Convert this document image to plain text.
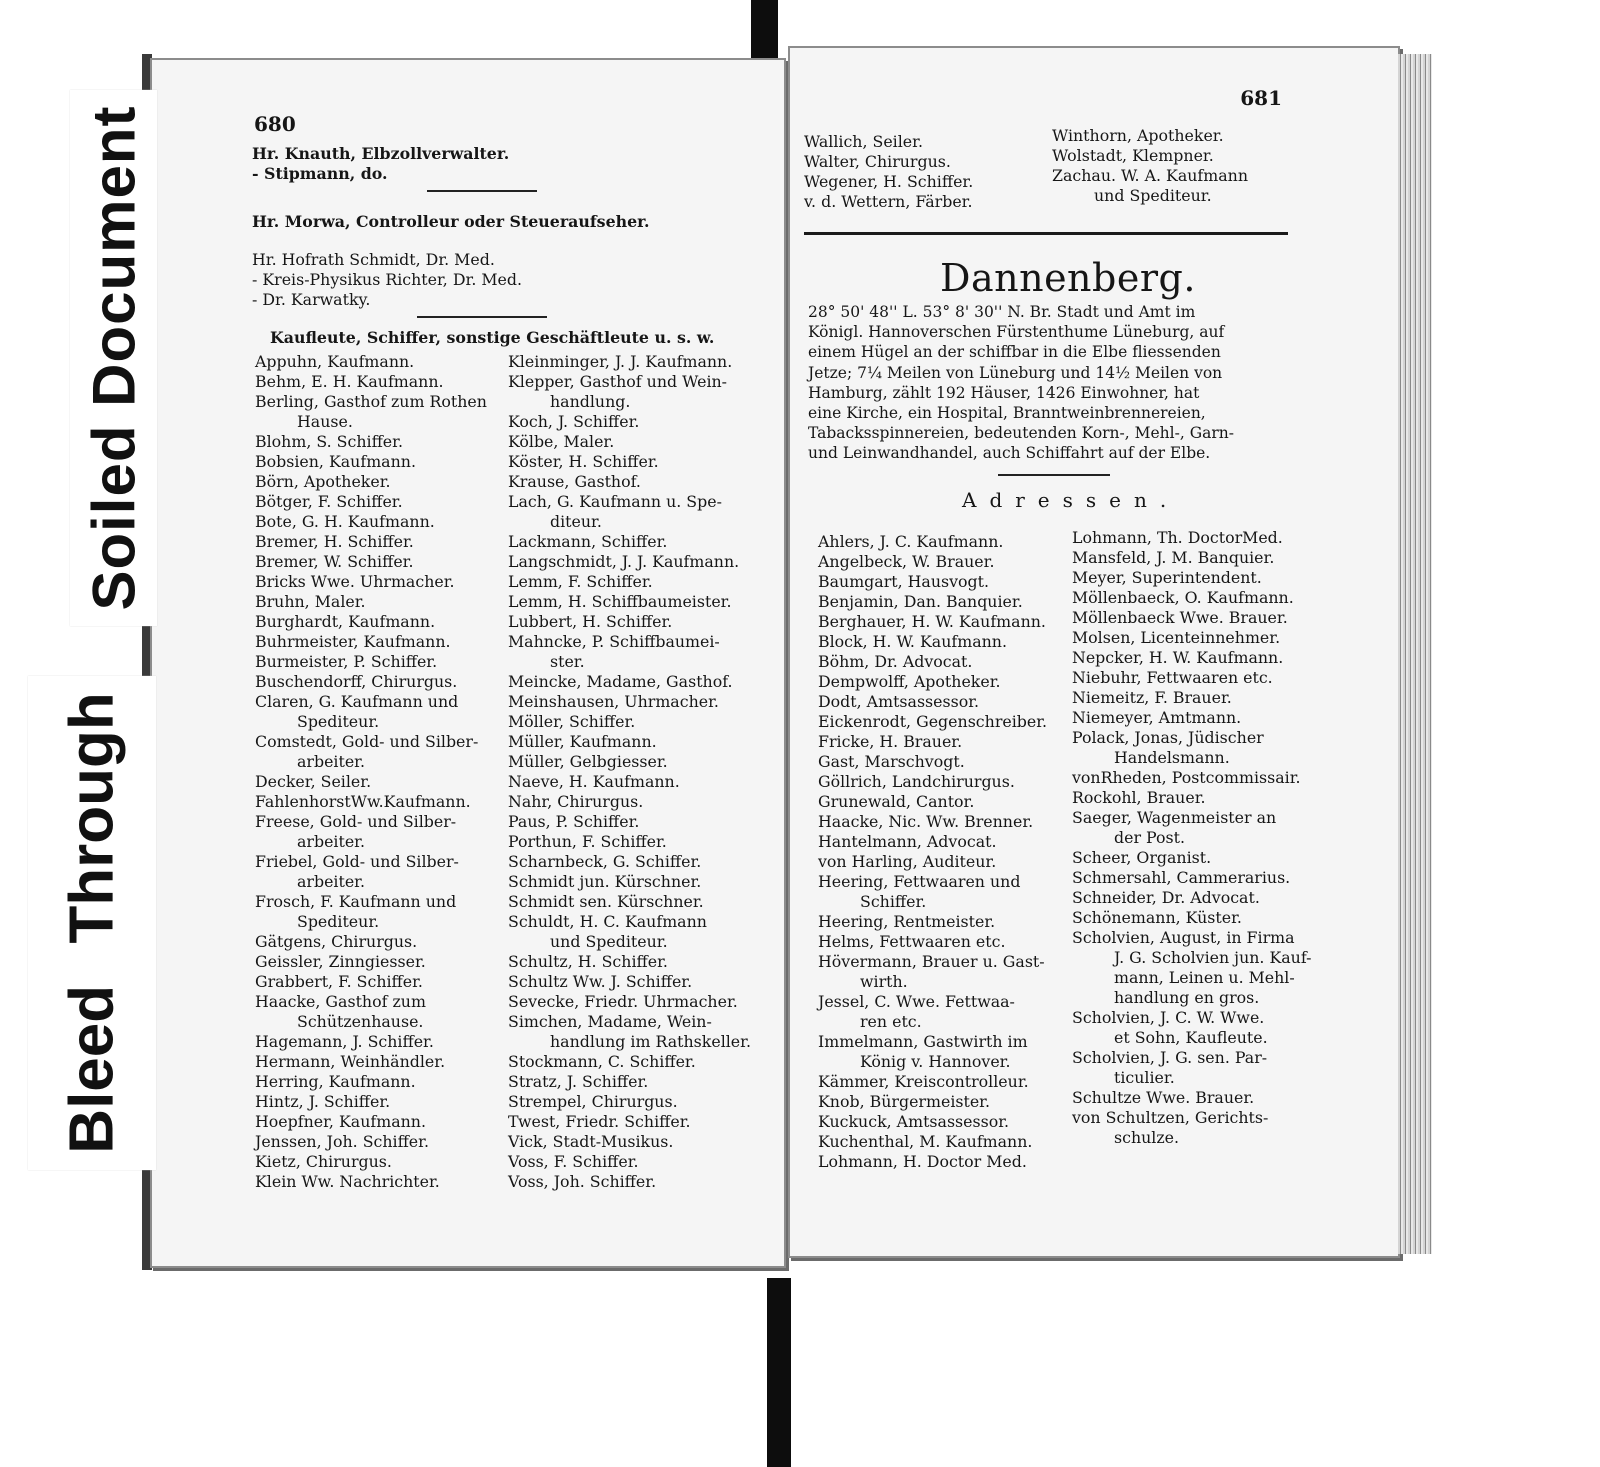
680
Hr. Knauth, Elbzollverwalter.
- Stipmann, do.
Hr. Morwa, Controlleur oder Steueraufseher.
Hr. Hofrath Schmidt, Dr. Med.
- Kreis-Physikus Richter, Dr. Med.
- Dr. Karwatky.
Kaufleute, Schiffer, sonstige Geschäftleute u. s. w.
Appuhn, Kaufmann.
Behm, E. H. Kaufmann.
Berling, Gasthof zum Rothen
Hause.
Blohm, S. Schiffer.
Bobsien, Kaufmann.
Börn, Apotheker.
Bötger, F. Schiffer.
Bote, G. H. Kaufmann.
Bremer, H. Schiffer.
Bremer, W. Schiffer.
Bricks Wwe. Uhrmacher.
Bruhn, Maler.
Burghardt, Kaufmann.
Buhrmeister, Kaufmann.
Burmeister, P. Schiffer.
Buschendorff, Chirurgus.
Claren, G. Kaufmann und
Spediteur.
Comstedt, Gold- und Silber-
arbeiter.
Decker, Seiler.
FahlenhorstWw.Kaufmann.
Freese, Gold- und Silber-
arbeiter.
Friebel, Gold- und Silber-
arbeiter.
Frosch, F. Kaufmann und
Spediteur.
Gätgens, Chirurgus.
Geissler, Zinngiesser.
Grabbert, F. Schiffer.
Haacke, Gasthof zum
Schützenhause.
Hagemann, J. Schiffer.
Hermann, Weinhändler.
Herring, Kaufmann.
Hintz, J. Schiffer.
Hoepfner, Kaufmann.
Jenssen, Joh. Schiffer.
Kietz, Chirurgus.
Klein Ww. Nachrichter.
Kleinminger, J. J. Kaufmann.
Klepper, Gasthof und Wein-
handlung.
Koch, J. Schiffer.
Kölbe, Maler.
Köster, H. Schiffer.
Krause, Gasthof.
Lach, G. Kaufmann u. Spe-
diteur.
Lackmann, Schiffer.
Langschmidt, J. J. Kaufmann.
Lemm, F. Schiffer.
Lemm, H. Schiffbaumeister.
Lubbert, H. Schiffer.
Mahncke, P. Schiffbaumei-
ster.
Meincke, Madame, Gasthof.
Meinshausen, Uhrmacher.
Möller, Schiffer.
Müller, Kaufmann.
Müller, Gelbgiesser.
Naeve, H. Kaufmann.
Nahr, Chirurgus.
Paus, P. Schiffer.
Porthun, F. Schiffer.
Scharnbeck, G. Schiffer.
Schmidt jun. Kürschner.
Schmidt sen. Kürschner.
Schuldt, H. C. Kaufmann
und Spediteur.
Schultz, H. Schiffer.
Schultz Ww. J. Schiffer.
Sevecke, Friedr. Uhrmacher.
Simchen, Madame, Wein-
handlung im Rathskeller.
Stockmann, C. Schiffer.
Stratz, J. Schiffer.
Strempel, Chirurgus.
Twest, Friedr. Schiffer.
Vick, Stadt-Musikus.
Voss, F. Schiffer.
Voss, Joh. Schiffer.
681
Wallich, Seiler.
Walter, Chirurgus.
Wegener, H. Schiffer.
v. d. Wettern, Färber.
Winthorn, Apotheker.
Wolstadt, Klempner.
Zachau. W. A. Kaufmann
und Spediteur.
Dannenberg.
28° 50' 48'' L. 53° 8' 30'' N. Br. Stadt und Amt im
Königl. Hannoverschen Fürstenthume Lüneburg, auf
einem Hügel an der schiffbar in die Elbe fliessenden
Jetze; 7¼ Meilen von Lüneburg und 14½ Meilen von
Hamburg, zählt 192 Häuser, 1426 Einwohner, hat
eine Kirche, ein Hospital, Branntweinbrennereien,
Tabacksspinnereien, bedeutenden Korn-, Mehl-, Garn-
und Leinwandhandel, auch Schiffahrt auf der Elbe.
Adressen.
Ahlers, J. C. Kaufmann.
Angelbeck, W. Brauer.
Baumgart, Hausvogt.
Benjamin, Dan. Banquier.
Berghauer, H. W. Kaufmann.
Block, H. W. Kaufmann.
Böhm, Dr. Advocat.
Dempwolff, Apotheker.
Dodt, Amtsassessor.
Eickenrodt, Gegenschreiber.
Fricke, H. Brauer.
Gast, Marschvogt.
Göllrich, Landchirurgus.
Grunewald, Cantor.
Haacke, Nic. Ww. Brenner.
Hantelmann, Advocat.
von Harling, Auditeur.
Heering, Fettwaaren und
Schiffer.
Heering, Rentmeister.
Helms, Fettwaaren etc.
Hövermann, Brauer u. Gast-
wirth.
Jessel, C. Wwe. Fettwaa-
ren etc.
Immelmann, Gastwirth im
König v. Hannover.
Kämmer, Kreiscontrolleur.
Knob, Bürgermeister.
Kuckuck, Amtsassessor.
Kuchenthal, M. Kaufmann.
Lohmann, H. Doctor Med.
Lohmann, Th. DoctorMed.
Mansfeld, J. M. Banquier.
Meyer, Superintendent.
Möllenbaeck, O. Kaufmann.
Möllenbaeck Wwe. Brauer.
Molsen, Licenteinnehmer.
Nepcker, H. W. Kaufmann.
Niebuhr, Fettwaaren etc.
Niemeitz, F. Brauer.
Niemeyer, Amtmann.
Polack, Jonas, Jüdischer
Handelsmann.
vonRheden, Postcommissair.
Rockohl, Brauer.
Saeger, Wagenmeister an
der Post.
Scheer, Organist.
Schmersahl, Cammerarius.
Schneider, Dr. Advocat.
Schönemann, Küster.
Scholvien, August, in Firma
J. G. Scholvien jun. Kauf-
mann, Leinen u. Mehl-
handlung en gros.
Scholvien, J. C. W. Wwe.
et Sohn, Kaufleute.
Scholvien, J. G. sen. Par-
ticulier.
Schultze Wwe. Brauer.
von Schultzen, Gerichts-
schulze.
Soiled Document
Bleed Through
